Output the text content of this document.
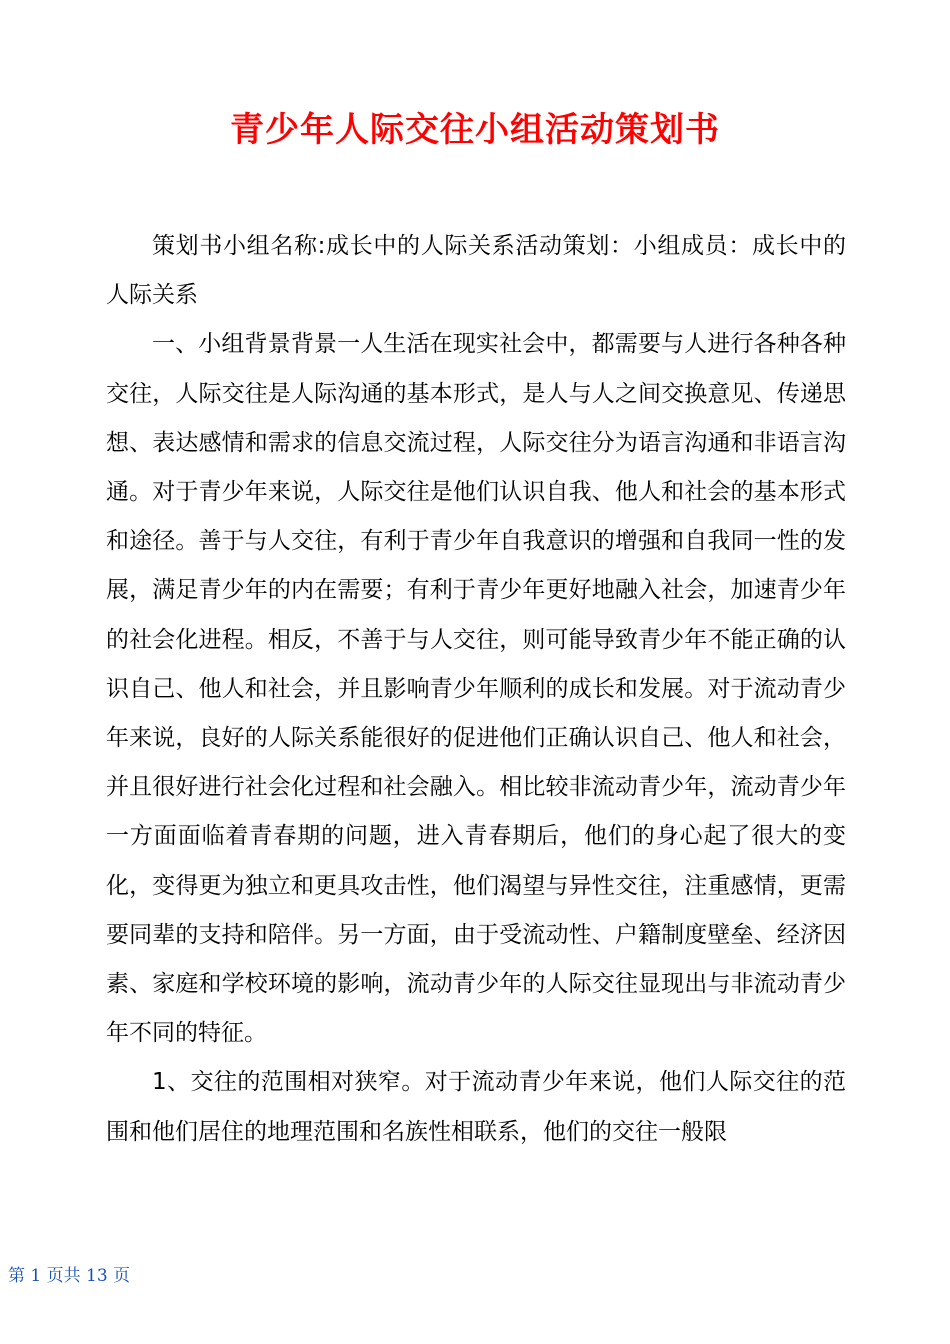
青少年人际交往小组活动策划书

策划书小组名称:成长中的人际关系活动策划：小组成员：成长中的人际关系

一、小组背景背景一人生活在现实社会中，都需要与人进行各种各种交往，人际交往是人际沟通的基本形式，是人与人之间交换意见、传递思想、表达感情和需求的信息交流过程，人际交往分为语言沟通和非语言沟通。对于青少年来说，人际交往是他们认识自我、他人和社会的基本形式和途径。善于与人交往，有利于青少年自我意识的增强和自我同一性的发展，满足青少年的内在需要；有利于青少年更好地融入社会，加速青少年的社会化进程。相反，不善于与人交往，则可能导致青少年不能正确的认识自己、他人和社会，并且影响青少年顺利的成长和发展。对于流动青少年来说，良好的人际关系能很好的促进他们正确认识自己、他人和社会，并且很好进行社会化过程和社会融入。相比较非流动青少年，流动青少年一方面面临着青春期的问题，进入青春期后，他们的身心起了很大的变化，变得更为独立和更具攻击性，他们渴望与异性交往，注重感情，更需要同辈的支持和陪伴。另一方面，由于受流动性、户籍制度壁垒、经济因素、家庭和学校环境的影响，流动青少年的人际交往显现出与非流动青少年不同的特征。

1、交往的范围相对狭窄。对于流动青少年来说，他们人际交往的范围和他们居住的地理范围和名族性相联系，他们的交往一般限

第 1 页共 13 页
